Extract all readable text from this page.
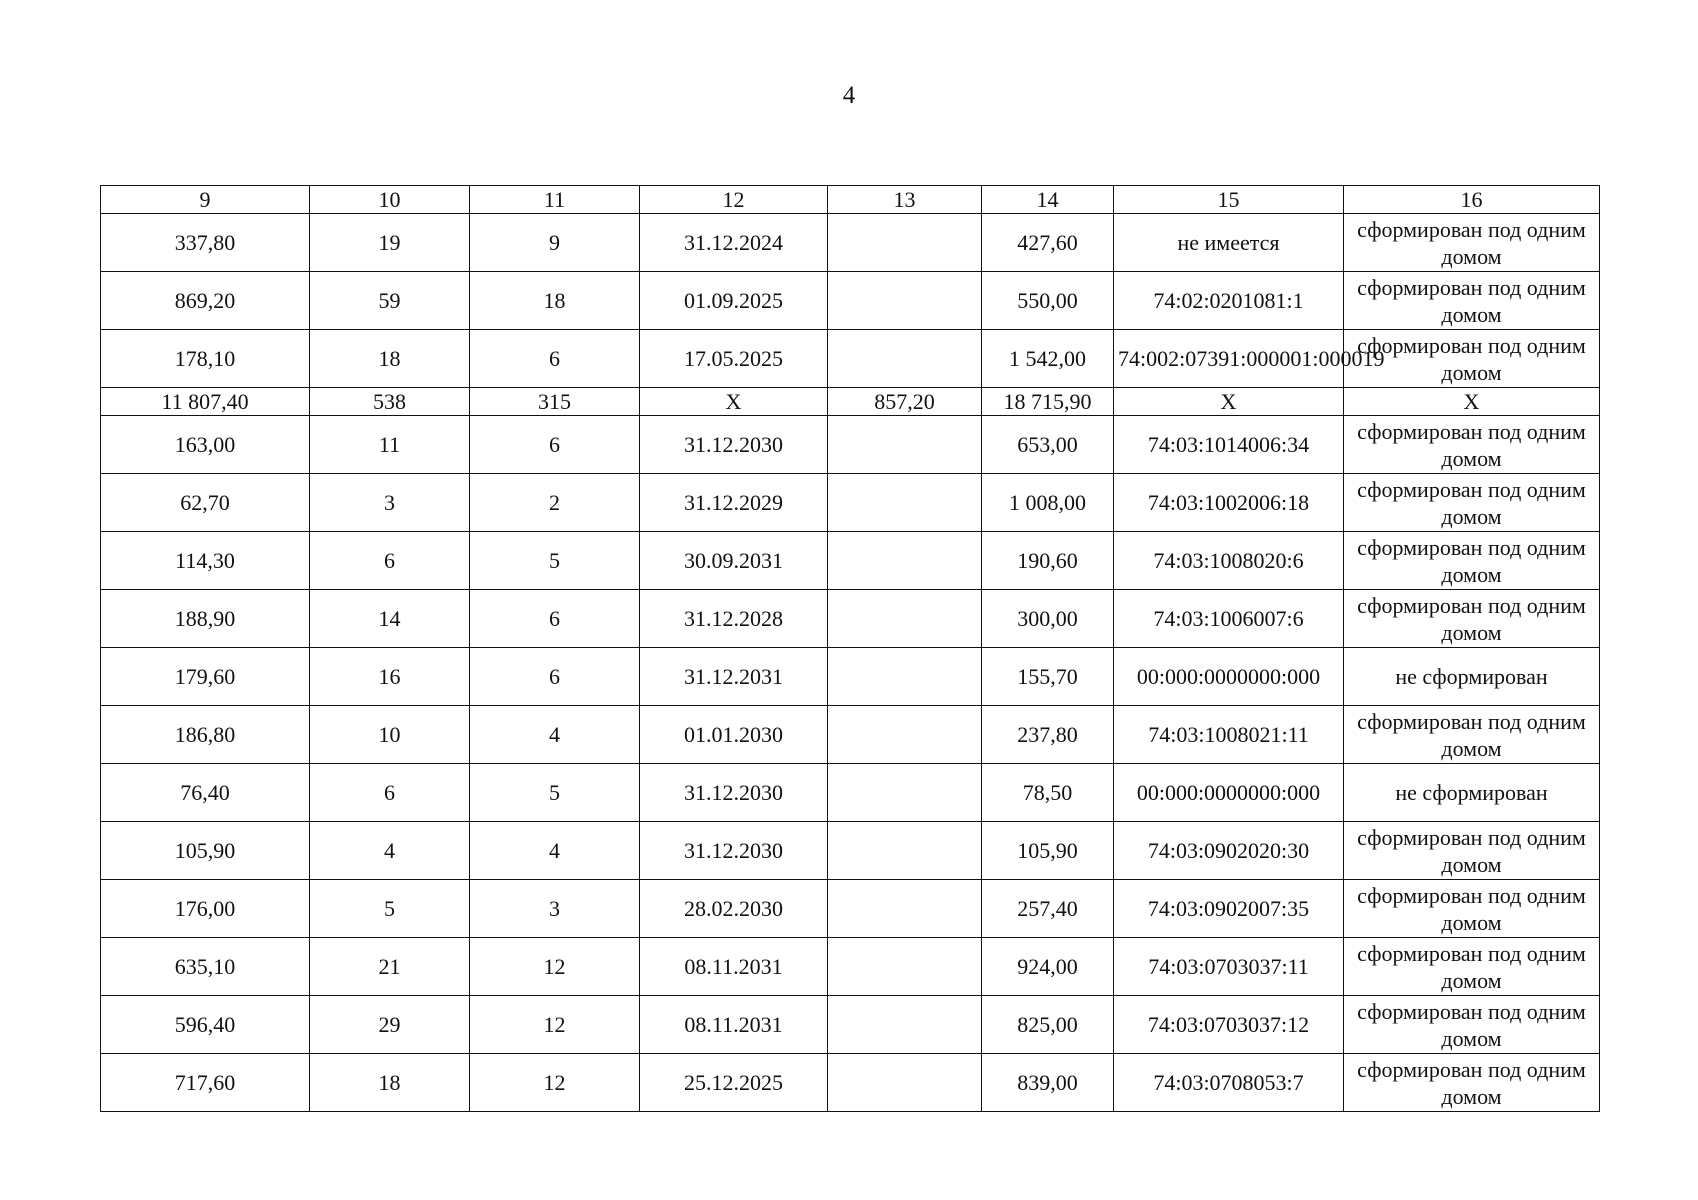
4
9	10	11	12	13	14	15	16
337,80	19	9	31.12.2024		427,60	не имеется	сформирован под одним домом
869,20	59	18	01.09.2025		550,00	74:02:0201081:1	сформирован под одним домом
178,10	18	6	17.05.2025		1 542,00	74:002:07391:000001:000019	сформирован под одним домом
11 807,40	538	315	X	857,20	18 715,90	X	X
163,00	11	6	31.12.2030		653,00	74:03:1014006:34	сформирован под одним домом
62,70	3	2	31.12.2029		1 008,00	74:03:1002006:18	сформирован под одним домом
114,30	6	5	30.09.2031		190,60	74:03:1008020:6	сформирован под одним домом
188,90	14	6	31.12.2028		300,00	74:03:1006007:6	сформирован под одним домом
179,60	16	6	31.12.2031		155,70	00:000:0000000:000	не сформирован
186,80	10	4	01.01.2030		237,80	74:03:1008021:11	сформирован под одним домом
76,40	6	5	31.12.2030		78,50	00:000:0000000:000	не сформирован
105,90	4	4	31.12.2030		105,90	74:03:0902020:30	сформирован под одним домом
176,00	5	3	28.02.2030		257,40	74:03:0902007:35	сформирован под одним домом
635,10	21	12	08.11.2031		924,00	74:03:0703037:11	сформирован под одним домом
596,40	29	12	08.11.2031		825,00	74:03:0703037:12	сформирован под одним домом
717,60	18	12	25.12.2025		839,00	74:03:0708053:7	сформирован под одним домом
